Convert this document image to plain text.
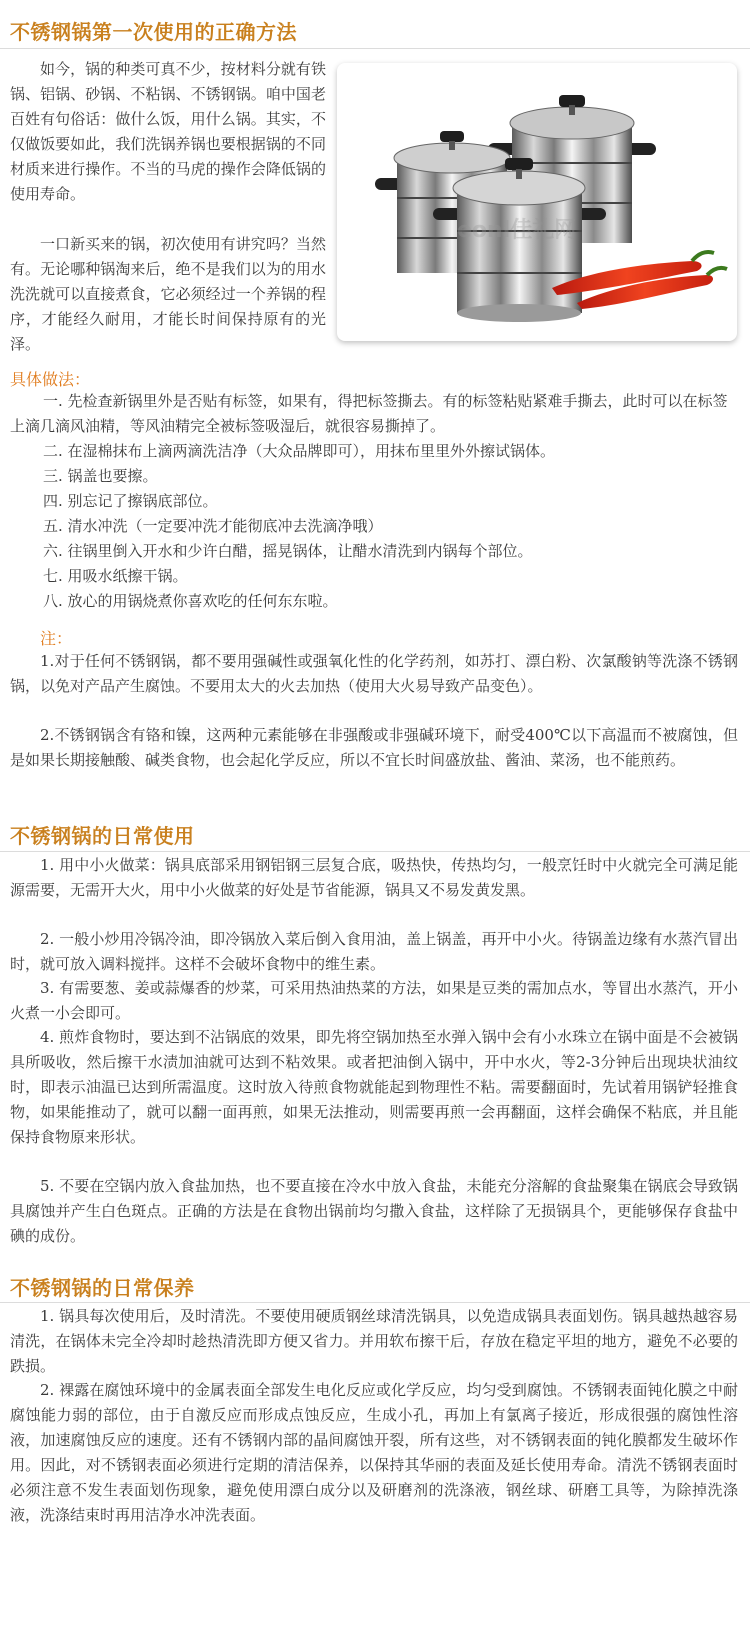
不锈钢锅第一次使用的正确方法

如今，锅的种类可真不少，按材料分就有铁锅、铝锅、砂锅、不粘锅、不锈钢锅。咱中国老百姓有句俗话：做什么饭，用什么锅。其实，不仅做饭要如此，我们洗锅养锅也要根据锅的不同材质来进行操作。不当的马虎的操作会降低锅的使用寿命。

一口新买来的锅，初次使用有讲究吗？当然有。无论哪种锅淘来后，绝不是我们以为的用水洗洗就可以直接煮食，它必须经过一个养锅的程序，才能经久耐用，才能长时间保持原有的光泽。

eonl佳礼网
具体做法：
一. 先检查新锅里外是否贴有标签，如果有，得把标签撕去。有的标签粘贴紧难手撕去，此时可以在标签上滴几滴风油精，等风油精完全被标签吸湿后，就很容易撕掉了。
二. 在湿棉抹布上滴两滴洗洁净（大众品牌即可），用抹布里里外外擦试锅体。
三. 锅盖也要擦。
四. 别忘记了擦锅底部位。
五. 清水冲洗（一定要冲洗才能彻底冲去洗滴净哦）
六. 往锅里倒入开水和少许白醋，摇晃锅体，让醋水清洗到内锅每个部位。
七. 用吸水纸擦干锅。
八. 放心的用锅烧煮你喜欢吃的任何东东啦。
注：

1.对于任何不锈钢锅，都不要用强碱性或强氧化性的化学药剂，如苏打、漂白粉、次氯酸钠等洗涤不锈钢锅，以免对产品产生腐蚀。不要用太大的火去加热（使用大火易导致产品变色）。

2.不锈钢锅含有铬和镍，这两种元素能够在非强酸或非强碱环境下，耐受400℃以下高温而不被腐蚀，但是如果长期接触酸、碱类食物，也会起化学反应，所以不宜长时间盛放盐、酱油、菜汤，也不能煎药。

不锈钢锅的日常使用

1. 用中小火做菜：锅具底部采用钢铝钢三层复合底，吸热快，传热均匀，一般烹饪时中火就完全可满足能源需要，无需开大火，用中小火做菜的好处是节省能源，锅具又不易发黄发黑。

2. 一般小炒用冷锅冷油，即冷锅放入菜后倒入食用油，盖上锅盖，再开中小火。待锅盖边缘有水蒸汽冒出时，就可放入调料搅拌。这样不会破坏食物中的维生素。

3. 有需要葱、姜或蒜爆香的炒菜，可采用热油热菜的方法，如果是豆类的需加点水，等冒出水蒸汽，开小火煮一小会即可。

4. 煎炸食物时，要达到不沾锅底的效果，即先将空锅加热至水弹入锅中会有小水珠立在锅中面是不会被锅具所吸收，然后擦干水渍加油就可达到不粘效果。或者把油倒入锅中，开中水火，等2-3分钟后出现块状油纹时，即表示油温已达到所需温度。这时放入待煎食物就能起到物理性不粘。需要翻面时，先试着用锅铲轻推食物，如果能推动了，就可以翻一面再煎，如果无法推动，则需要再煎一会再翻面，这样会确保不粘底，并且能保持食物原来形状。

5. 不要在空锅内放入食盐加热，也不要直接在冷水中放入食盐，未能充分溶解的食盐聚集在锅底会导致锅具腐蚀并产生白色斑点。正确的方法是在食物出锅前均匀撒入食盐，这样除了无损锅具个，更能够保存食盐中碘的成份。

不锈钢锅的日常保养

1. 锅具每次使用后，及时清洗。不要使用硬质钢丝球清洗锅具，以免造成锅具表面划伤。锅具越热越容易清洗，在锅体未完全冷却时趁热清洗即方便又省力。并用软布擦干后，存放在稳定平坦的地方，避免不必要的跌损。

2. 裸露在腐蚀环境中的金属表面全部发生电化反应或化学反应，均匀受到腐蚀。不锈钢表面钝化膜之中耐腐蚀能力弱的部位，由于自激反应而形成点蚀反应，生成小孔，再加上有氯离子接近，形成很强的腐蚀性溶液，加速腐蚀反应的速度。还有不锈钢内部的晶间腐蚀开裂，所有这些，对不锈钢表面的钝化膜都发生破坏作用。因此，对不锈钢表面必须进行定期的清洁保养，以保持其华丽的表面及延长使用寿命。清洗不锈钢表面时必须注意不发生表面划伤现象，避免使用漂白成分以及研磨剂的洗涤液，钢丝球、研磨工具等，为除掉洗涤液，洗涤结束时再用洁净水冲洗表面。
